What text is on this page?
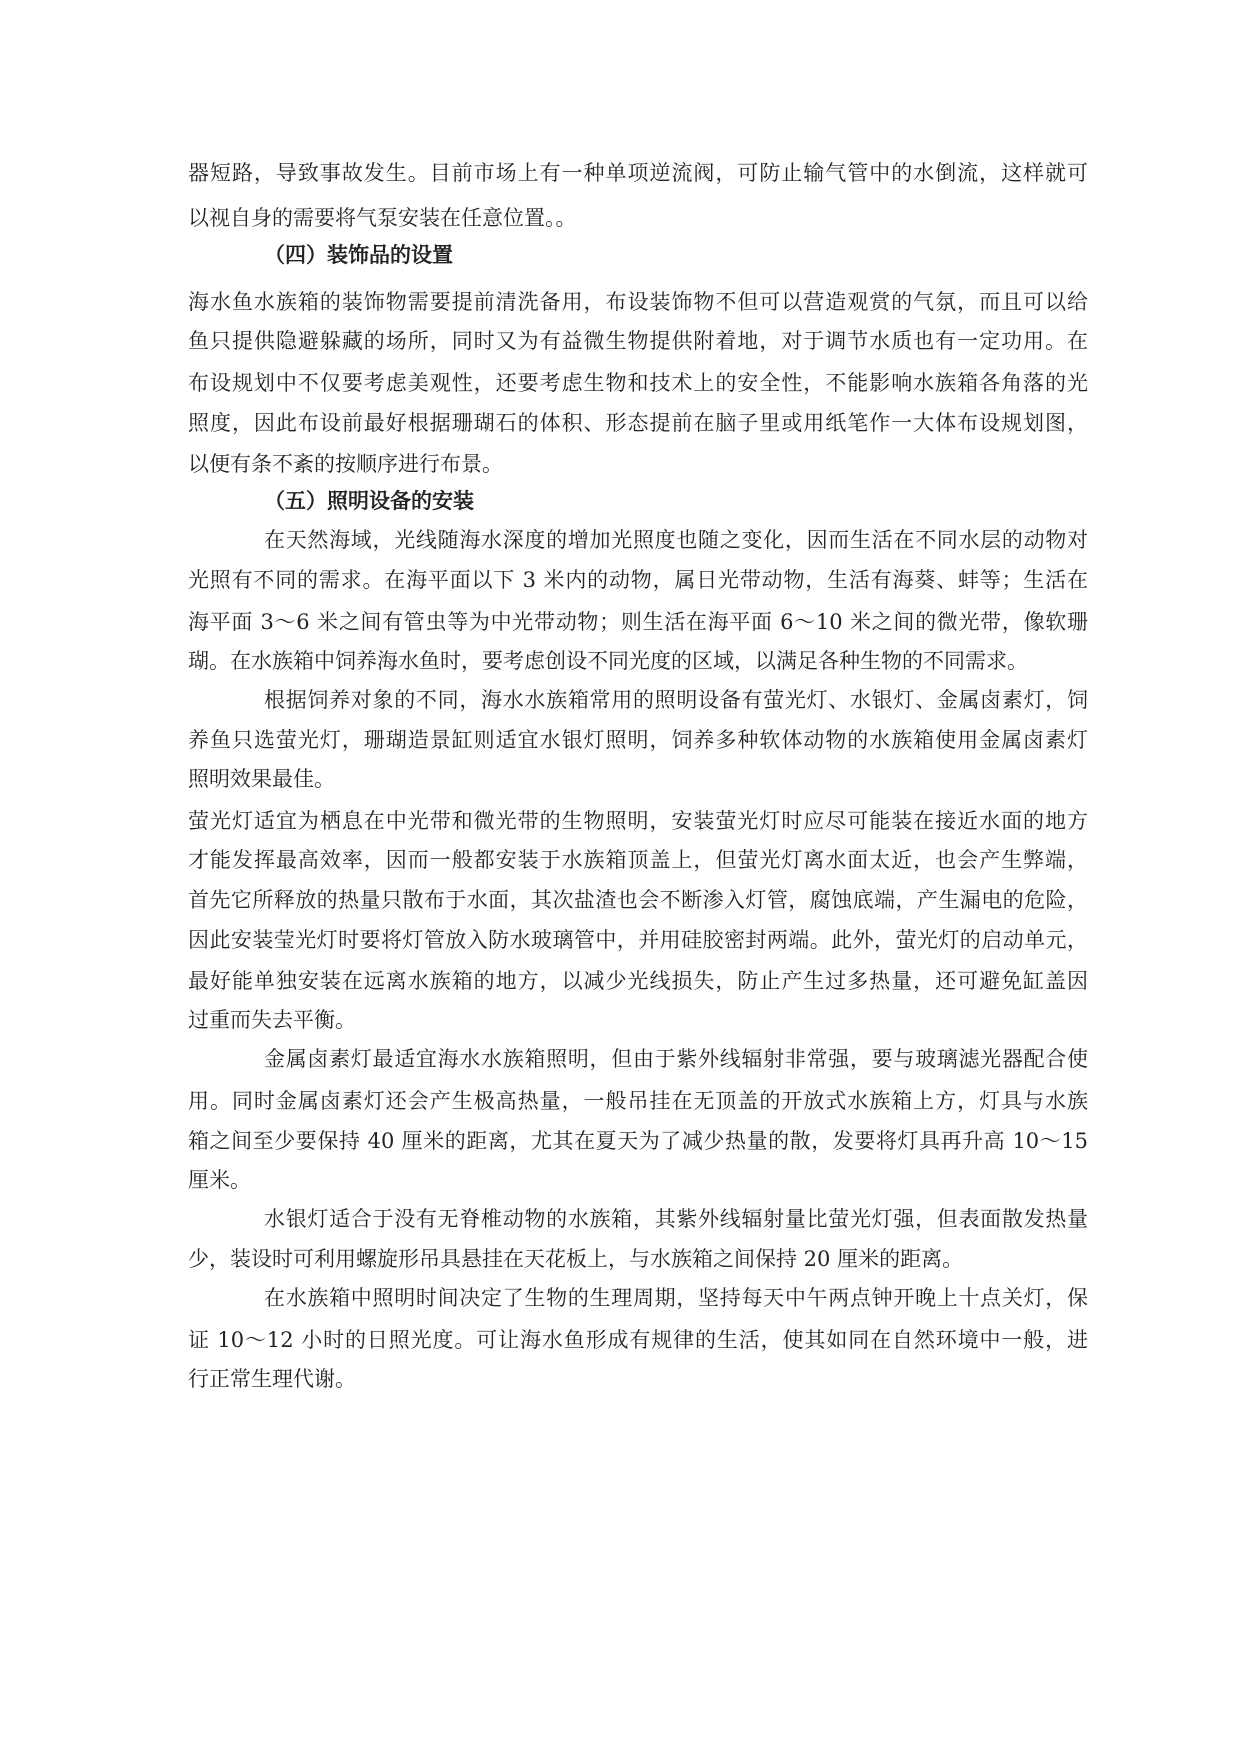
器短路，导致事故发生。目前市场上有一种单项逆流阀，可防止输气管中的水倒流，这样就可
以视自身的需要将气泵安装在任意位置。。
（四）装饰品的设置
海水鱼水族箱的装饰物需要提前清洗备用，布设装饰物不但可以营造观赏的气氛，而且可以给
鱼只提供隐避躲藏的场所，同时又为有益微生物提供附着地，对于调节水质也有一定功用。在
布设规划中不仅要考虑美观性，还要考虑生物和技术上的安全性，不能影响水族箱各角落的光
照度，因此布设前最好根据珊瑚石的体积、形态提前在脑子里或用纸笔作一大体布设规划图，
以便有条不紊的按顺序进行布景。
（五）照明设备的安装
在天然海域，光线随海水深度的增加光照度也随之变化，因而生活在不同水层的动物对
光照有不同的需求。在海平面以下 3 米内的动物，属日光带动物，生活有海葵、蚌等；生活在
海平面 3～6 米之间有管虫等为中光带动物；则生活在海平面 6～10 米之间的微光带，像软珊
瑚。在水族箱中饲养海水鱼时，要考虑创设不同光度的区域，以满足各种生物的不同需求。
根据饲养对象的不同，海水水族箱常用的照明设备有萤光灯、水银灯、金属卤素灯，饲
养鱼只选萤光灯，珊瑚造景缸则适宜水银灯照明，饲养多种软体动物的水族箱使用金属卤素灯
照明效果最佳。
萤光灯适宜为栖息在中光带和微光带的生物照明，安装萤光灯时应尽可能装在接近水面的地方
才能发挥最高效率，因而一般都安装于水族箱顶盖上，但萤光灯离水面太近，也会产生弊端，
首先它所释放的热量只散布于水面，其次盐渣也会不断渗入灯管，腐蚀底端，产生漏电的危险，
因此安装莹光灯时要将灯管放入防水玻璃管中，并用硅胶密封两端。此外，萤光灯的启动单元，
最好能单独安装在远离水族箱的地方，以减少光线损失，防止产生过多热量，还可避免缸盖因
过重而失去平衡。
金属卤素灯最适宜海水水族箱照明，但由于紫外线辐射非常强，要与玻璃滤光器配合使
用。同时金属卤素灯还会产生极高热量，一般吊挂在无顶盖的开放式水族箱上方，灯具与水族
箱之间至少要保持 40 厘米的距离，尤其在夏天为了减少热量的散，发要将灯具再升高 10～15
厘米。
水银灯适合于没有无脊椎动物的水族箱，其紫外线辐射量比萤光灯强，但表面散发热量
少，装设时可利用螺旋形吊具悬挂在天花板上，与水族箱之间保持 20 厘米的距离。
在水族箱中照明时间决定了生物的生理周期，坚持每天中午两点钟开晚上十点关灯，保
证 10～12 小时的日照光度。可让海水鱼形成有规律的生活，使其如同在自然环境中一般，进
行正常生理代谢。
